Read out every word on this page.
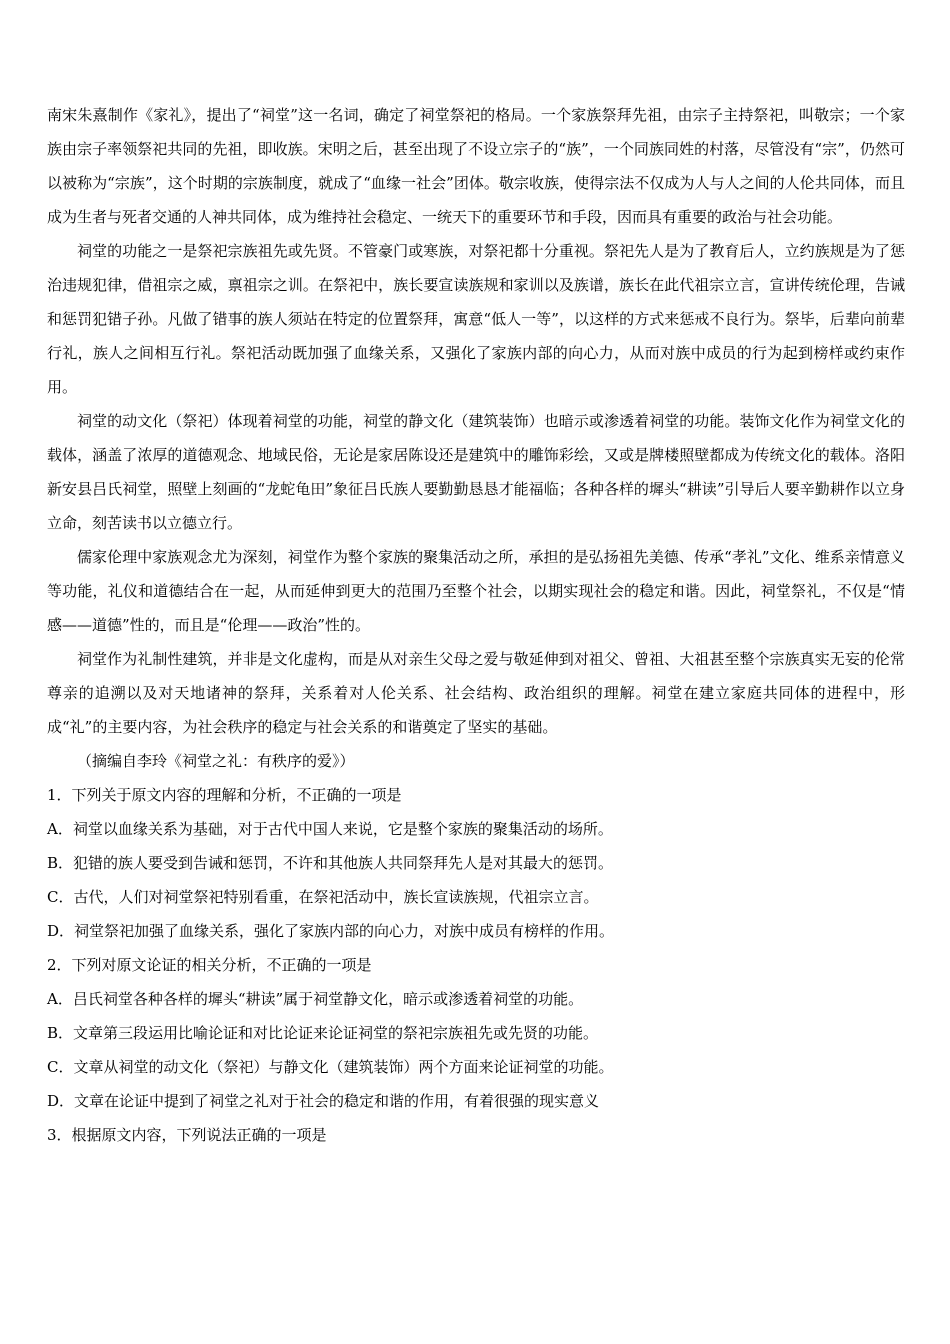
南宋朱熹制作《家礼》，提出了“祠堂”这一名词，确定了祠堂祭祀的格局。一个家族祭拜先祖，由宗子主持祭祀，叫敬宗；一个家族由宗子率领祭祀共同的先祖，即收族。宋明之后，甚至出现了不设立宗子的“族”，一个同族同姓的村落，尽管没有“宗”，仍然可以被称为“宗族”，这个时期的宗族制度，就成了“血缘一社会”团体。敬宗收族，使得宗法不仅成为人与人之间的人伦共同体，而且成为生者与死者交通的人神共同体，成为维持社会稳定、一统天下的重要环节和手段，因而具有重要的政治与社会功能。

祠堂的功能之一是祭祀宗族祖先或先贤。不管豪门或寒族，对祭祀都十分重视。祭祀先人是为了教育后人，立约族规是为了惩治违规犯律，借祖宗之威，禀祖宗之训。在祭祀中，族长要宣读族规和家训以及族谱，族长在此代祖宗立言，宣讲传统伦理，告诫和惩罚犯错子孙。凡做了错事的族人须站在特定的位置祭拜，寓意“低人一等”，以这样的方式来惩戒不良行为。祭毕，后辈向前辈行礼，族人之间相互行礼。祭祀活动既加强了血缘关系，又强化了家族内部的向心力，从而对族中成员的行为起到榜样或约束作用。

祠堂的动文化（祭祀）体现着祠堂的功能，祠堂的静文化（建筑装饰）也暗示或渗透着祠堂的功能。装饰文化作为祠堂文化的载体，涵盖了浓厚的道德观念、地域民俗，无论是家居陈设还是建筑中的雕饰彩绘，又或是牌楼照壁都成为传统文化的载体。洛阳新安县吕氏祠堂，照壁上刻画的“龙蛇龟田”象征吕氏族人要勤勤恳恳才能福临；各种各样的墀头“耕读”引导后人要辛勤耕作以立身立命，刻苦读书以立德立行。

儒家伦理中家族观念尤为深刻，祠堂作为整个家族的聚集活动之所，承担的是弘扬祖先美德、传承“孝礼”文化、维系亲情意义等功能，礼仪和道德结合在一起，从而延伸到更大的范围乃至整个社会，以期实现社会的稳定和谐。因此，祠堂祭礼，不仅是“情感——道德”性的，而且是“伦理——政治”性的。

祠堂作为礼制性建筑，并非是文化虚构，而是从对亲生父母之爱与敬延伸到对祖父、曾祖、大祖甚至整个宗族真实无妄的伦常尊亲的追溯以及对天地诸神的祭拜，关系着对人伦关系、社会结构、政治组织的理解。祠堂在建立家庭共同体的进程中，形成“礼”的主要内容，为社会秩序的稳定与社会关系的和谐奠定了坚实的基础。

（摘编自李玲《祠堂之礼：有秩序的爱》）

1．下列关于原文内容的理解和分析，不正确的一项是

A．祠堂以血缘关系为基础，对于古代中国人来说，它是整个家族的聚集活动的场所。

B．犯错的族人要受到告诫和惩罚，不许和其他族人共同祭拜先人是对其最大的惩罚。

C．古代，人们对祠堂祭祀特别看重，在祭祀活动中，族长宣读族规，代祖宗立言。

D．祠堂祭祀加强了血缘关系，强化了家族内部的向心力，对族中成员有榜样的作用。

2．下列对原文论证的相关分析，不正确的一项是

A．吕氏祠堂各种各样的墀头“耕读”属于祠堂静文化，暗示或渗透着祠堂的功能。

B．文章第三段运用比喻论证和对比论证来论证祠堂的祭祀宗族祖先或先贤的功能。

C．文章从祠堂的动文化（祭祀）与静文化（建筑装饰）两个方面来论证祠堂的功能。

D．文章在论证中提到了祠堂之礼对于社会的稳定和谐的作用，有着很强的现实意义

3．根据原文内容，下列说法正确的一项是
